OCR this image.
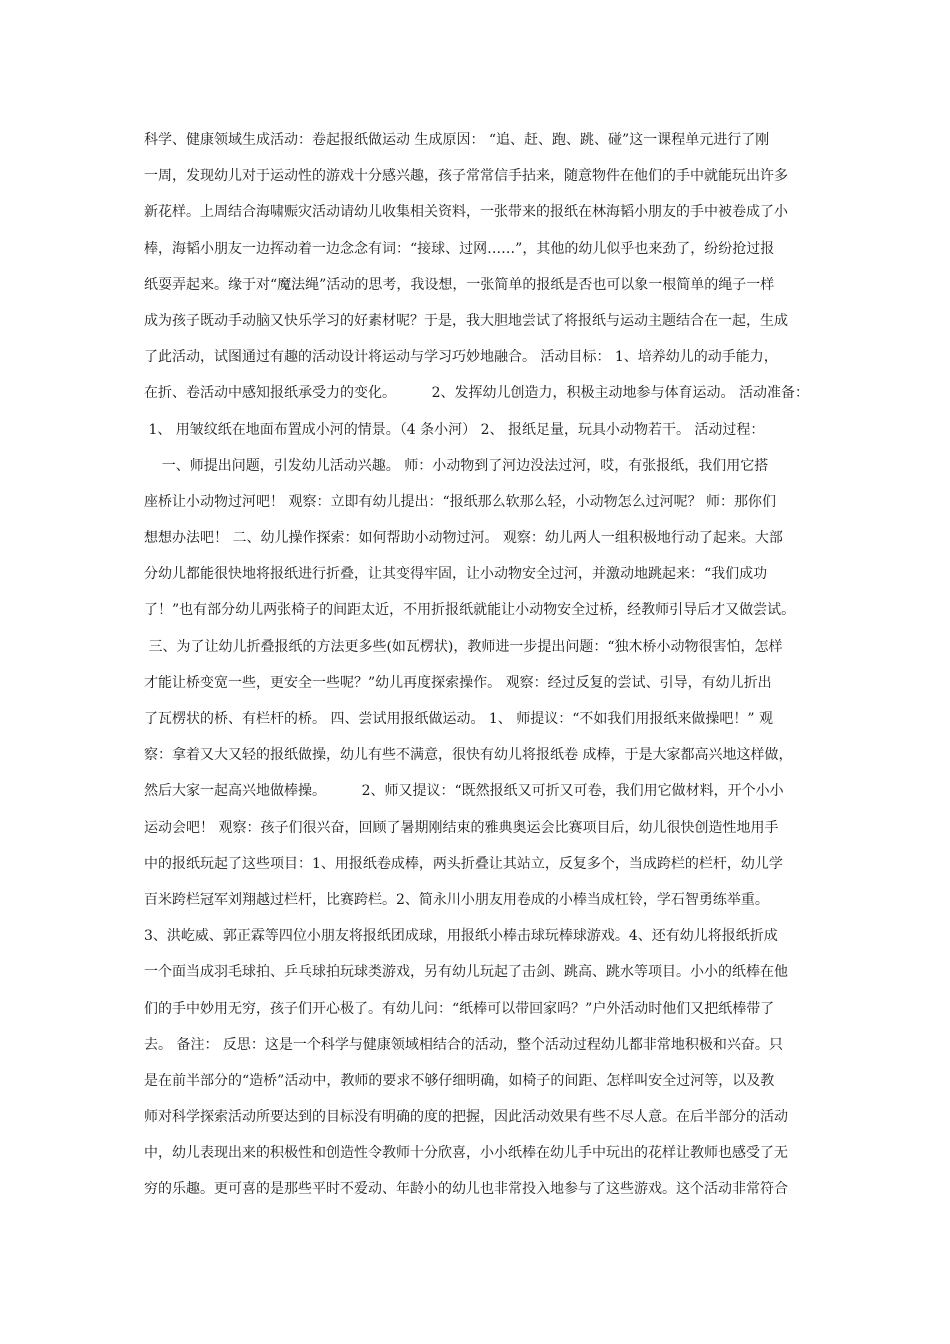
科学、健康领域生成活动：卷起报纸做运动 生成原因： “追、赶、跑、跳、碰”这一课程单元进行了刚
一周，发现幼儿对于运动性的游戏十分感兴趣，孩子常常信手拈来，随意物件在他们的手中就能玩出许多
新花样。上周结合海啸赈灾活动请幼儿收集相关资料，一张带来的报纸在林海韬小朋友的手中被卷成了小
棒，海韬小朋友一边挥动着一边念念有词：“接球、过网……”，其他的幼儿似乎也来劲了，纷纷抢过报
纸耍弄起来。缘于对“魔法绳”活动的思考，我设想，一张简单的报纸是否也可以象一根简单的绳子一样
成为孩子既动手动脑又快乐学习的好素材呢？于是，我大胆地尝试了将报纸与运动主题结合在一起，生成
了此活动，试图通过有趣的活动设计将运动与学习巧妙地融合。 活动目标： 1、培养幼儿的动手能力，
在折、卷活动中感知报纸承受力的变化。        2、发挥幼儿创造力，积极主动地参与体育运动。 活动准备：
1、 用皱纹纸在地面布置成小河的情景。（4 条小河） 2、 报纸足量，玩具小动物若干。 活动过程：
一、师提出问题，引发幼儿活动兴趣。 师：小动物到了河边没法过河，哎，有张报纸，我们用它搭
座桥让小动物过河吧！ 观察：立即有幼儿提出：“报纸那么软那么轻，小动物怎么过河呢？ 师：那你们
想想办法吧！ 二、幼儿操作探索：如何帮助小动物过河。 观察：幼儿两人一组积极地行动了起来。大部
分幼儿都能很快地将报纸进行折叠，让其变得牢固，让小动物安全过河，并激动地跳起来：“我们成功
了！”也有部分幼儿两张椅子的间距太近，不用折报纸就能让小动物安全过桥，经教师引导后才又做尝试。
三、为了让幼儿折叠报纸的方法更多些(如瓦楞状)，教师进一步提出问题：“独木桥小动物很害怕，怎样
才能让桥变宽一些，更安全一些呢？”幼儿再度探索操作。 观察：经过反复的尝试、引导，有幼儿折出
了瓦楞状的桥、有栏杆的桥。 四、尝试用报纸做运动。 1、 师提议：“不如我们用报纸来做操吧！” 观
察：拿着又大又轻的报纸做操，幼儿有些不满意，很快有幼儿将报纸卷 成棒，于是大家都高兴地这样做，
然后大家一起高兴地做棒操。        2、师又提议：“既然报纸又可折又可卷，我们用它做材料，开个小小
运动会吧！ 观察：孩子们很兴奋，回顾了暑期刚结束的雅典奥运会比赛项目后，幼儿很快创造性地用手
中的报纸玩起了这些项目：1、用报纸卷成棒，两头折叠让其站立，反复多个，当成跨栏的栏杆，幼儿学
百米跨栏冠军刘翔越过栏杆，比赛跨栏。2、简永川小朋友用卷成的小棒当成杠铃，学石智勇练举重。
3、洪屹威、郭正霖等四位小朋友将报纸团成球，用报纸小棒击球玩棒球游戏。4、还有幼儿将报纸折成
一个面当成羽毛球拍、乒乓球拍玩球类游戏，另有幼儿玩起了击剑、跳高、跳水等项目。小小的纸棒在他
们的手中妙用无穷，孩子们开心极了。有幼儿问：“纸棒可以带回家吗？”户外活动时他们又把纸棒带了
去。 备注： 反思：这是一个科学与健康领域相结合的活动，整个活动过程幼儿都非常地积极和兴奋。只
是在前半部分的“造桥”活动中，教师的要求不够仔细明确，如椅子的间距、怎样叫安全过河等，以及教
师对科学探索活动所要达到的目标没有明确的度的把握，因此活动效果有些不尽人意。在后半部分的活动
中，幼儿表现出来的积极性和创造性令教师十分欣喜，小小纸棒在幼儿手中玩出的花样让教师也感受了无
穷的乐趣。更可喜的是那些平时不爱动、年龄小的幼儿也非常投入地参与了这些游戏。这个活动非常符合
